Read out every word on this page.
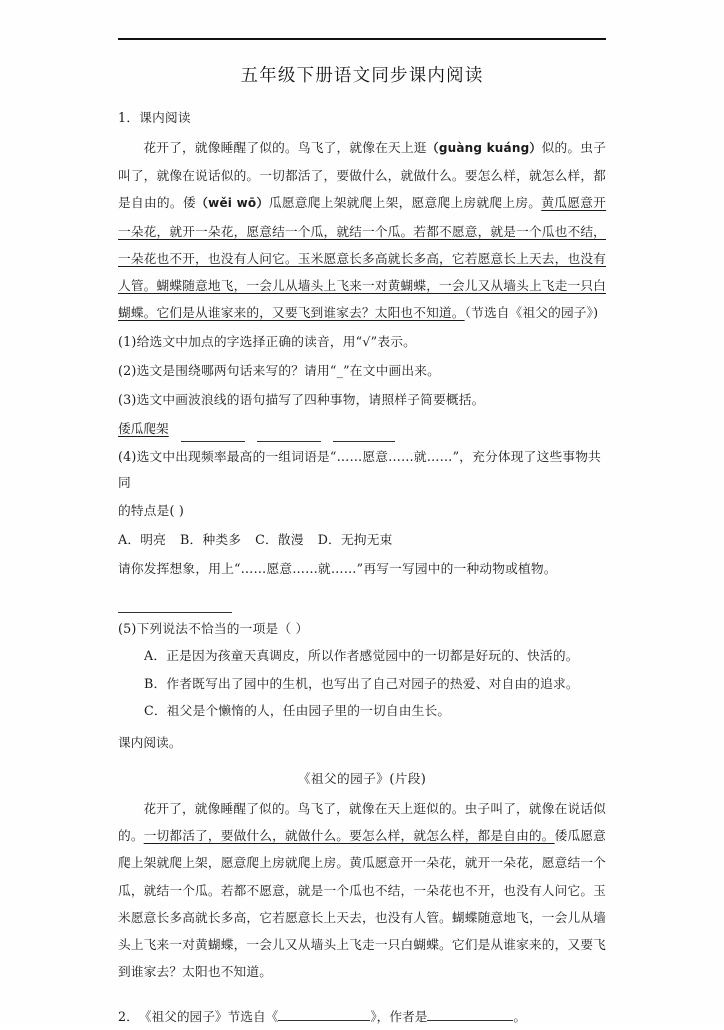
五年级下册语文同步课内阅读
1．课内阅读
花开了，就像睡醒了似的。鸟飞了，就像在天上逛（guàng kuáng）似的。虫子叫了，就像在说话似的。一切都活了，要做什么，就做什么。要怎么样，就怎么样，都是自由的。倭（wěi wō）瓜愿意爬上架就爬上架，愿意爬上房就爬上房。黄瓜愿意开一朵花，就开一朵花，愿意结一个瓜，就结一个瓜。若都不愿意，就是一个瓜也不结，一朵花也不开，也没有人问它。玉米愿意长多高就长多高，它若愿意长上天去，也没有人管。蝴蝶随意地飞，一会儿从墙头上飞来一对黄蝴蝶，一会儿又从墙头上飞走一只白蝴蝶。它们是从谁家来的，又要飞到谁家去？太阳也不知道。（节选自《祖父的园子》)
(1)给选文中加点的字选择正确的读音，用“√”表示。
(2)选文是围绕哪两句话来写的？请用“_”在文中画出来。
(3)选文中画波浪线的语句描写了四种事物，请照样子简要概括。
倭瓜爬架
(4)选文中出现频率最高的一组词语是“……愿意……就……”，充分体现了这些事物共同
的特点是( )
A．明亮 B．种类多 C．散漫 D．无拘无束
请你发挥想象，用上“……愿意……就……”再写一写园中的一种动物或植物。
(5)下列说法不恰当的一项是（ ）
A．正是因为孩童天真调皮，所以作者感觉园中的一切都是好玩的、快活的。
B．作者既写出了园中的生机，也写出了自己对园子的热爱、对自由的追求。
C．祖父是个懒惰的人，任由园子里的一切自由生长。
课内阅读。
《祖父的园子》(片段)
花开了，就像睡醒了似的。鸟飞了，就像在天上逛似的。虫子叫了，就像在说话似的。一切都活了，要做什么，就做什么。要怎么样，就怎么样，都是自由的。倭瓜愿意爬上架就爬上架，愿意爬上房就爬上房。黄瓜愿意开一朵花，就开一朵花，愿意结一个瓜，就结一个瓜。若都不愿意，就是一个瓜也不结，一朵花也不开，也没有人问它。玉米愿意长多高就长多高，它若愿意长上天去，也没有人管。蝴蝶随意地飞，一会儿从墙头上飞来一对黄蝴蝶，一会儿又从墙头上飞走一只白蝴蝶。它们是从谁家来的，又要飞到谁家去？太阳也不知道。
2． 《祖父的园子》节选自《	》，作者是	。
